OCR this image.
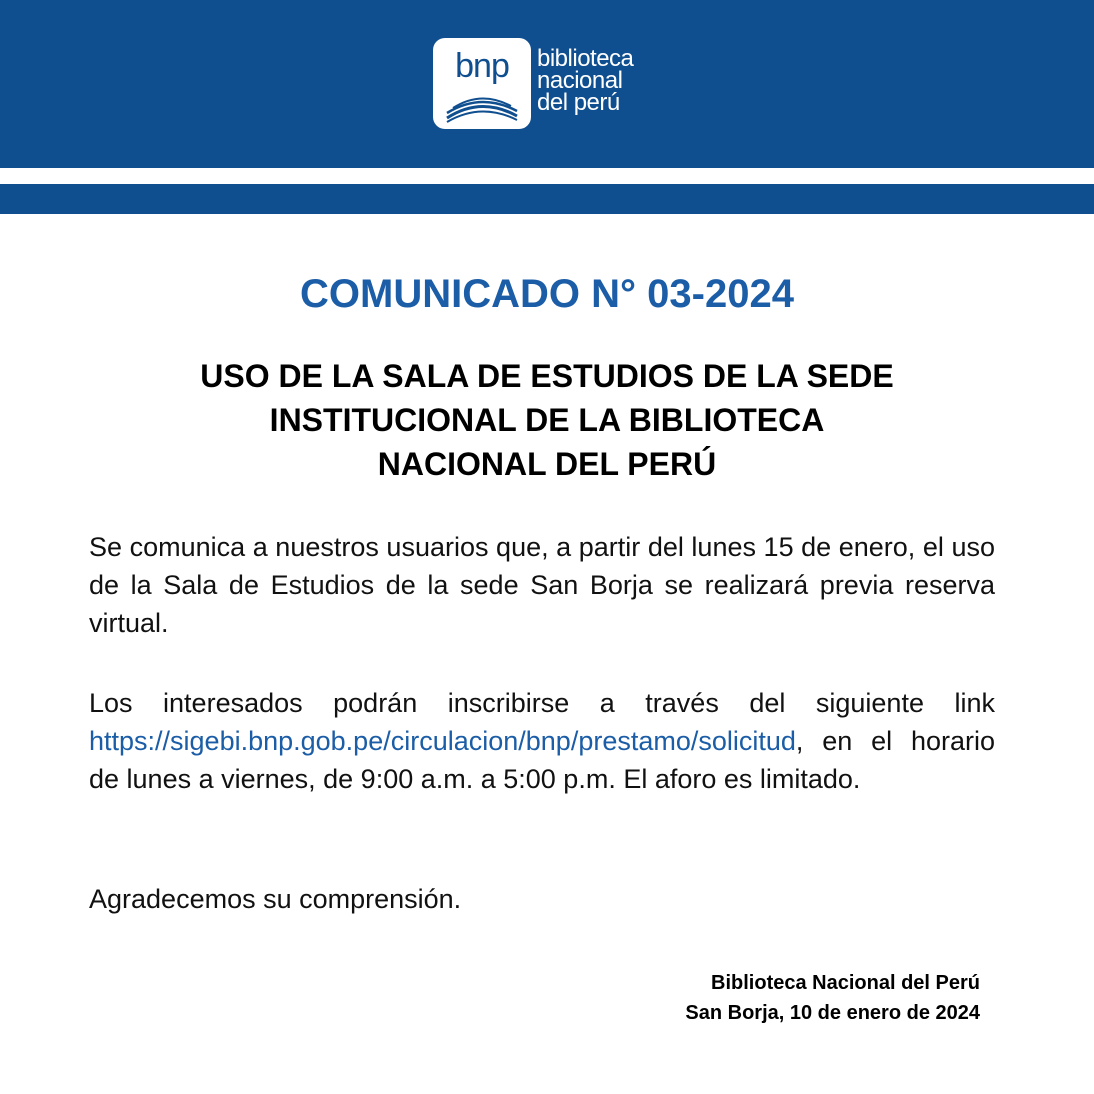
bnp	biblioteca
nacional
del perú
COMUNICADO N° 03-2024
USO DE LA SALA DE ESTUDIOS DE LA SEDE
INSTITUCIONAL DE LA BIBLIOTECA
NACIONAL DEL PERÚ

Se comunica a nuestros usuarios que, a partir del lunes 15 de enero, el uso de la Sala de Estudios de la sede San Borja se realizará previa reserva virtual.

Los interesados podrán inscribirse a través del siguiente link https://sigebi.bnp.gob.pe/circulacion/bnp/prestamo/solicitud, en el horario de lunes a viernes, de 9:00 a.m. a 5:00 p.m. El aforo es limitado.

Agradecemos su comprensión.

Biblioteca Nacional del Perú
San Borja, 10 de enero de 2024
